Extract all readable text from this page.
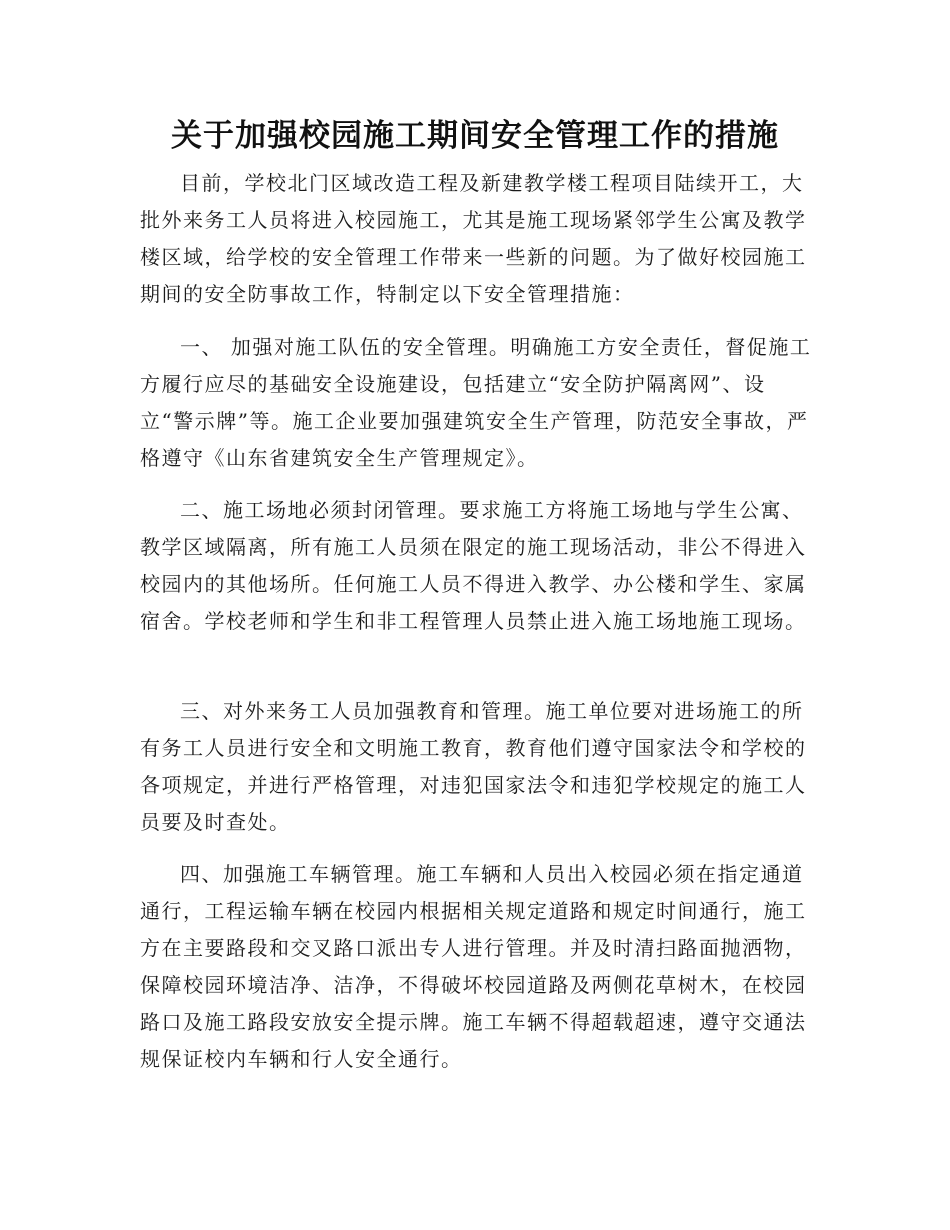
关于加强校园施工期间安全管理工作的措施

目前，学校北门区域改造工程及新建教学楼工程项目陆续开工，大批外来务工人员将进入校园施工，尤其是施工现场紧邻学生公寓及教学楼区域，给学校的安全管理工作带来一些新的问题。为了做好校园施工期间的安全防事故工作，特制定以下安全管理措施：

一、 加强对施工队伍的安全管理。明确施工方安全责任，督促施工方履行应尽的基础安全设施建设，包括建立“安全防护隔离网”、设立“警示牌”等。施工企业要加强建筑安全生产管理，防范安全事故，严格遵守《山东省建筑安全生产管理规定》。

二、施工场地必须封闭管理。要求施工方将施工场地与学生公寓、教学区域隔离，所有施工人员须在限定的施工现场活动，非公不得进入校园内的其他场所。任何施工人员不得进入教学、办公楼和学生、家属宿舍。学校老师和学生和非工程管理人员禁止进入施工场地施工现场。

三、对外来务工人员加强教育和管理。施工单位要对进场施工的所有务工人员进行安全和文明施工教育，教育他们遵守国家法令和学校的各项规定，并进行严格管理，对违犯国家法令和违犯学校规定的施工人员要及时查处。

四、加强施工车辆管理。施工车辆和人员出入校园必须在指定通道通行，工程运输车辆在校园内根据相关规定道路和规定时间通行，施工方在主要路段和交叉路口派出专人进行管理。并及时清扫路面抛洒物，保障校园环境洁净、洁净，不得破坏校园道路及两侧花草树木，在校园路口及施工路段安放安全提示牌。施工车辆不得超载超速，遵守交通法规保证校内车辆和行人安全通行。
